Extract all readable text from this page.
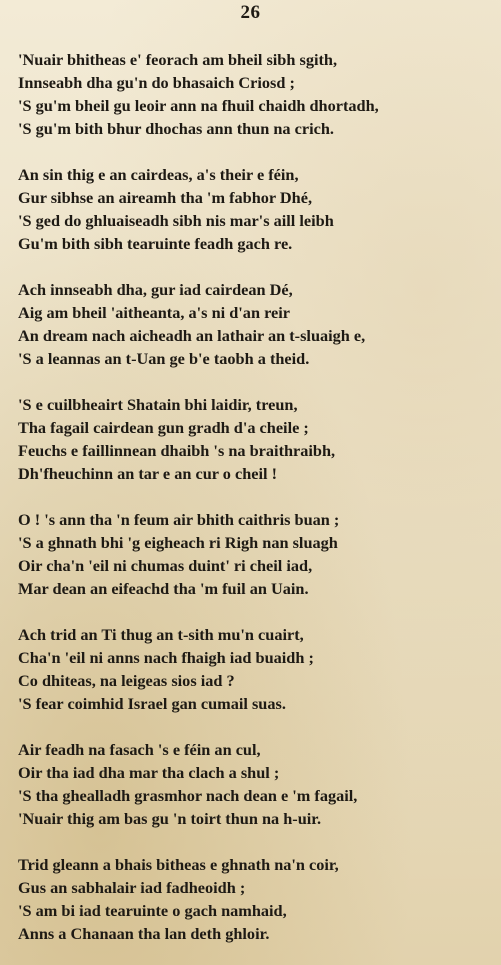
26
'Nuair bhitheas e' feorach am bheil sibh sgith,
Innseabh dha gu'n do bhasaich Criosd ;
'S gu'm bheil gu leoir ann na fhuil chaidh dhortadh,
'S gu'm bith bhur dhochas ann thun na crich.
An sin thig e an cairdeas, a's their e féin,
Gur sibhse an aireamh tha 'm fabhor Dhé,
'S ged do ghluaiseadh sibh nis mar's aill leibh
Gu'm bith sibh tearuinte feadh gach re.
Ach innseabh dha, gur iad cairdean Dé,
Aig am bheil 'aitheanta, a's ni d'an reir
An dream nach aicheadh an lathair an t-sluaigh e,
'S a leannas an t-Uan ge b'e taobh a theid.
'S e cuilbheairt Shatain bhi laidir, treun,
Tha fagail cairdean gun gradh d'a cheile ;
Feuchs e faillinnean dhaibh 's na braithraibh,
Dh'fheuchinn an tar e an cur o cheil !
O ! 's ann tha 'n feum air bhith caithris buan ;
'S a ghnath bhi 'g eigheach ri Righ nan sluagh
Oir cha'n 'eil ni chumas duint' ri cheil iad,
Mar dean an eifeachd tha 'm fuil an Uain.
Ach trid an Ti thug an t-sith mu'n cuairt,
Cha'n 'eil ni anns nach fhaigh iad buaidh ;
Co dhiteas, na leigeas sios iad ?
'S fear coimhid Israel gan cumail suas.
Air feadh na fasach 's e féin an cul,
Oir tha iad dha mar tha clach a shul ;
'S tha ghealladh grasmhor nach dean e 'm fagail,
'Nuair thig am bas gu 'n toirt thun na h-uir.
Trid gleann a bhais bitheas e ghnath na'n coir,
Gus an sabhalair iad fadheoidh ;
'S am bi iad tearuinte o gach namhaid,
Anns a Chanaan tha lan deth ghloir.
